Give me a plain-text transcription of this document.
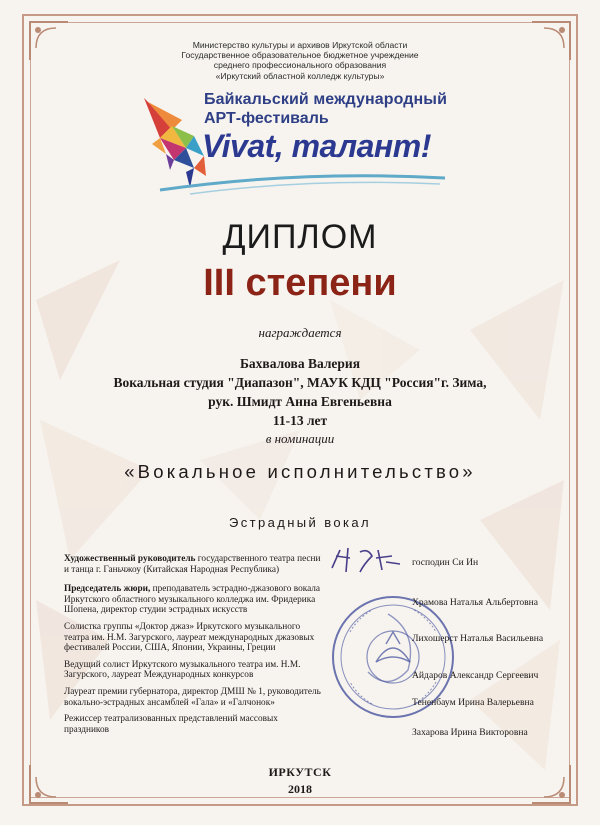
Министерство культуры и архивов Иркутской области
Государственное образовательное бюджетное учреждение
среднего профессионального образования
«Иркутский областной колледж культуры»
Байкальский международный
АРТ-фестиваль
Vivat, талант!
ДИПЛОМ
III степени
награждается
Бахвалова Валерия
Вокальная студия "Диапазон", МАУК КДЦ "Россия"г. Зима,
рук. Шмидт Анна Евгеньевна
11-13 лет
в номинации
«Вокальное исполнительство»
Эстрадный вокал

Художественный руководитель государственного театра песни и танца г. Ганьчжоу (Китайская Народная Республика)

Председатель жюри, преподаватель эстрадно-джазового вокала Иркутского областного музыкального колледжа им. Фридерика Шопена, директор студии эстрадных искусств

Солистка группы «Доктор джаз» Иркутского музыкального театра им. Н.М. Загурского, лауреат международных джазовых фестивалей России, США, Японии, Украины, Греции

Ведущий солист Иркутского музыкального театра им. Н.М. Загурского, лауреат Международных конкурсов

Лауреат премии губернатора, директор ДМШ № 1, руководитель вокально-эстрадных ансамблей «Гала» и «Галчонок»

Режиссер театрализованных представлений массовых праздников

господин Си Ин
Храмова Наталья Альбертовна
Лихошерст Наталья Васильевна
Айдаров Александр Сергеевич
Тененбаум Ирина Валерьевна
Захарова Ирина Викторовна
ИРКУТСК
2018
